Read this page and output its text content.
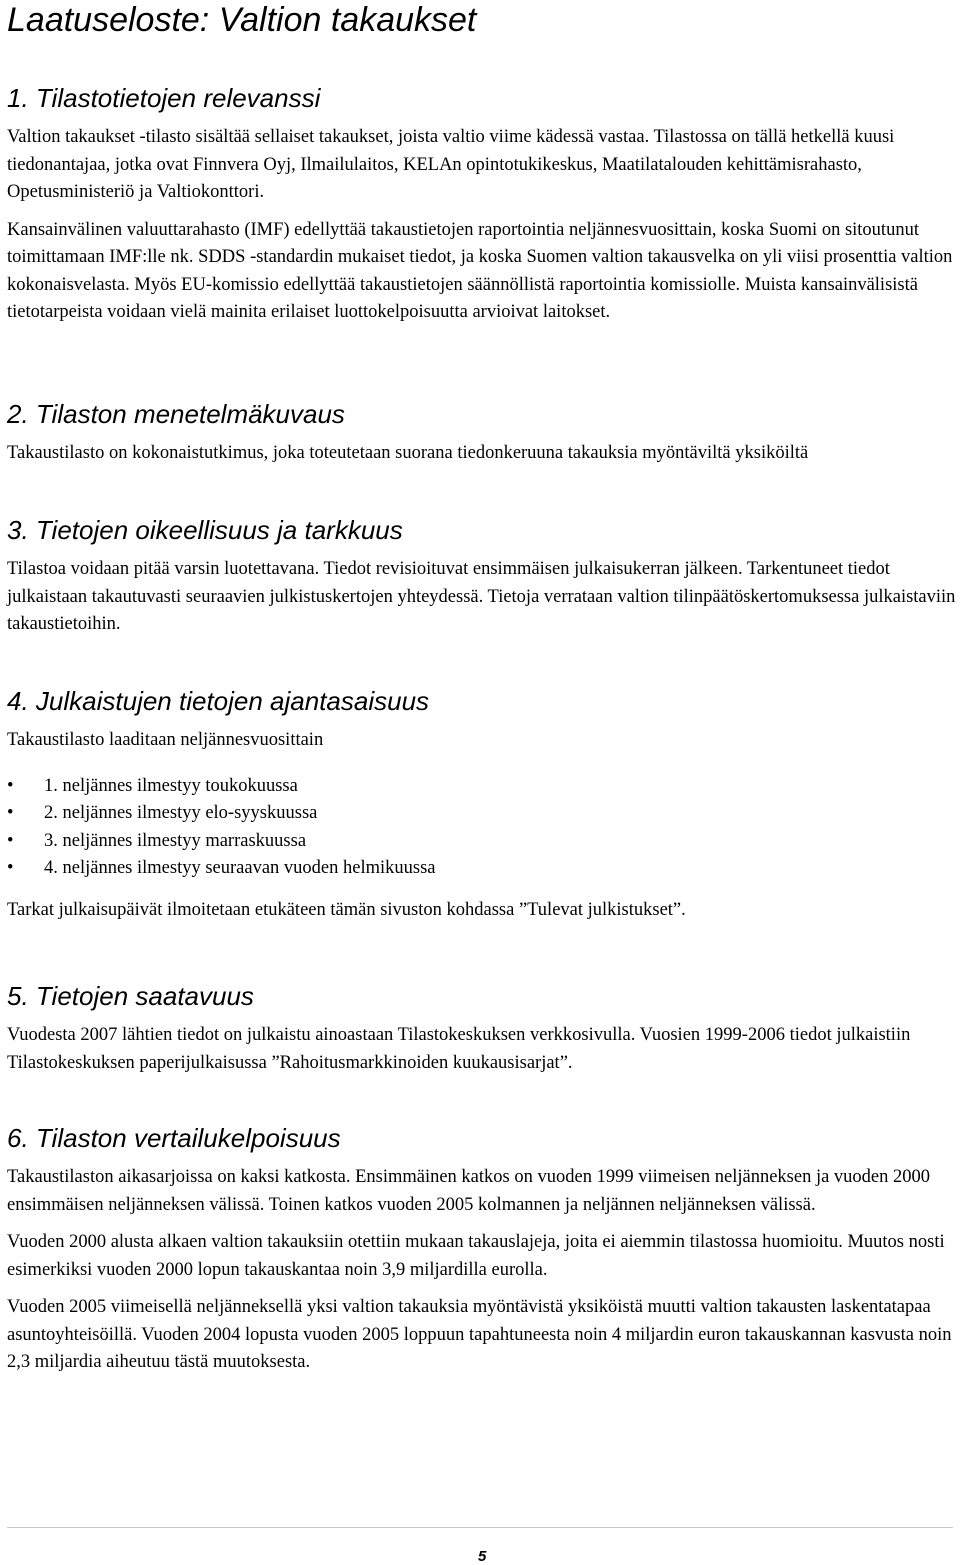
Laatuseloste: Valtion takaukset
1. Tilastotietojen relevanssi

Valtion takaukset -tilasto sisältää sellaiset takaukset, joista valtio viime kädessä vastaa. Tilastossa on tällä hetkellä kuusi tiedonantajaa, jotka ovat Finnvera Oyj, Ilmailulaitos, KELAn opintotukikeskus, Maatilatalouden kehittämisrahasto, Opetusministeriö ja Valtiokonttori.

Kansainvälinen valuuttarahasto (IMF) edellyttää takaustietojen raportointia neljännesvuosittain, koska Suomi on sitoutunut toimittamaan IMF:lle nk. SDDS -standardin mukaiset tiedot, ja koska Suomen valtion takausvelka on yli viisi prosenttia valtion kokonaisvelasta. Myös EU-komissio edellyttää takaustietojen säännöllistä raportointia komissiolle. Muista kansainvälisistä tietotarpeista voidaan vielä mainita erilaiset luottokelpoisuutta arvioivat laitokset.

2. Tilaston menetelmäkuvaus

Takaustilasto on kokonaistutkimus, joka toteutetaan suorana tiedonkeruuna takauksia myöntäviltä yksiköiltä

3. Tietojen oikeellisuus ja tarkkuus

Tilastoa voidaan pitää varsin luotettavana. Tiedot revisioituvat ensimmäisen julkaisukerran jälkeen. Tarkentuneet tiedot julkaistaan takautuvasti seuraavien julkistuskertojen yhteydessä. Tietoja verrataan valtion tilinpäätöskertomuksessa julkaistaviin takaustietoihin.

4. Julkaistujen tietojen ajantasaisuus

Takaustilasto laaditaan neljännesvuosittain

• 1. neljännes ilmestyy toukokuussa
• 2. neljännes ilmestyy elo-syyskuussa
• 3. neljännes ilmestyy marraskuussa
• 4. neljännes ilmestyy seuraavan vuoden helmikuussa

Tarkat julkaisupäivät ilmoitetaan etukäteen tämän sivuston kohdassa ”Tulevat julkistukset”.

5. Tietojen saatavuus

Vuodesta 2007 lähtien tiedot on julkaistu ainoastaan Tilastokeskuksen verkkosivulla. Vuosien 1999-2006 tiedot julkaistiin Tilastokeskuksen paperijulkaisussa ”Rahoitusmarkkinoiden kuukausisarjat”.

6. Tilaston vertailukelpoisuus

Takaustilaston aikasarjoissa on kaksi katkosta. Ensimmäinen katkos on vuoden 1999 viimeisen neljänneksen ja vuoden 2000 ensimmäisen neljänneksen välissä. Toinen katkos vuoden 2005 kolmannen ja neljännen neljänneksen välissä.

Vuoden 2000 alusta alkaen valtion takauksiin otettiin mukaan takauslajeja, joita ei aiemmin tilastossa huomioitu. Muutos nosti esimerkiksi vuoden 2000 lopun takauskantaa noin 3,9 miljardilla eurolla.

Vuoden 2005 viimeisellä neljänneksellä yksi valtion takauksia myöntävistä yksiköistä muutti valtion takausten laskentatapaa asuntoyhteisöillä. Vuoden 2004 lopusta vuoden 2005 loppuun tapahtuneesta noin 4 miljardin euron takauskannan kasvusta noin 2,3 miljardia aiheutuu tästä muutoksesta.

5
